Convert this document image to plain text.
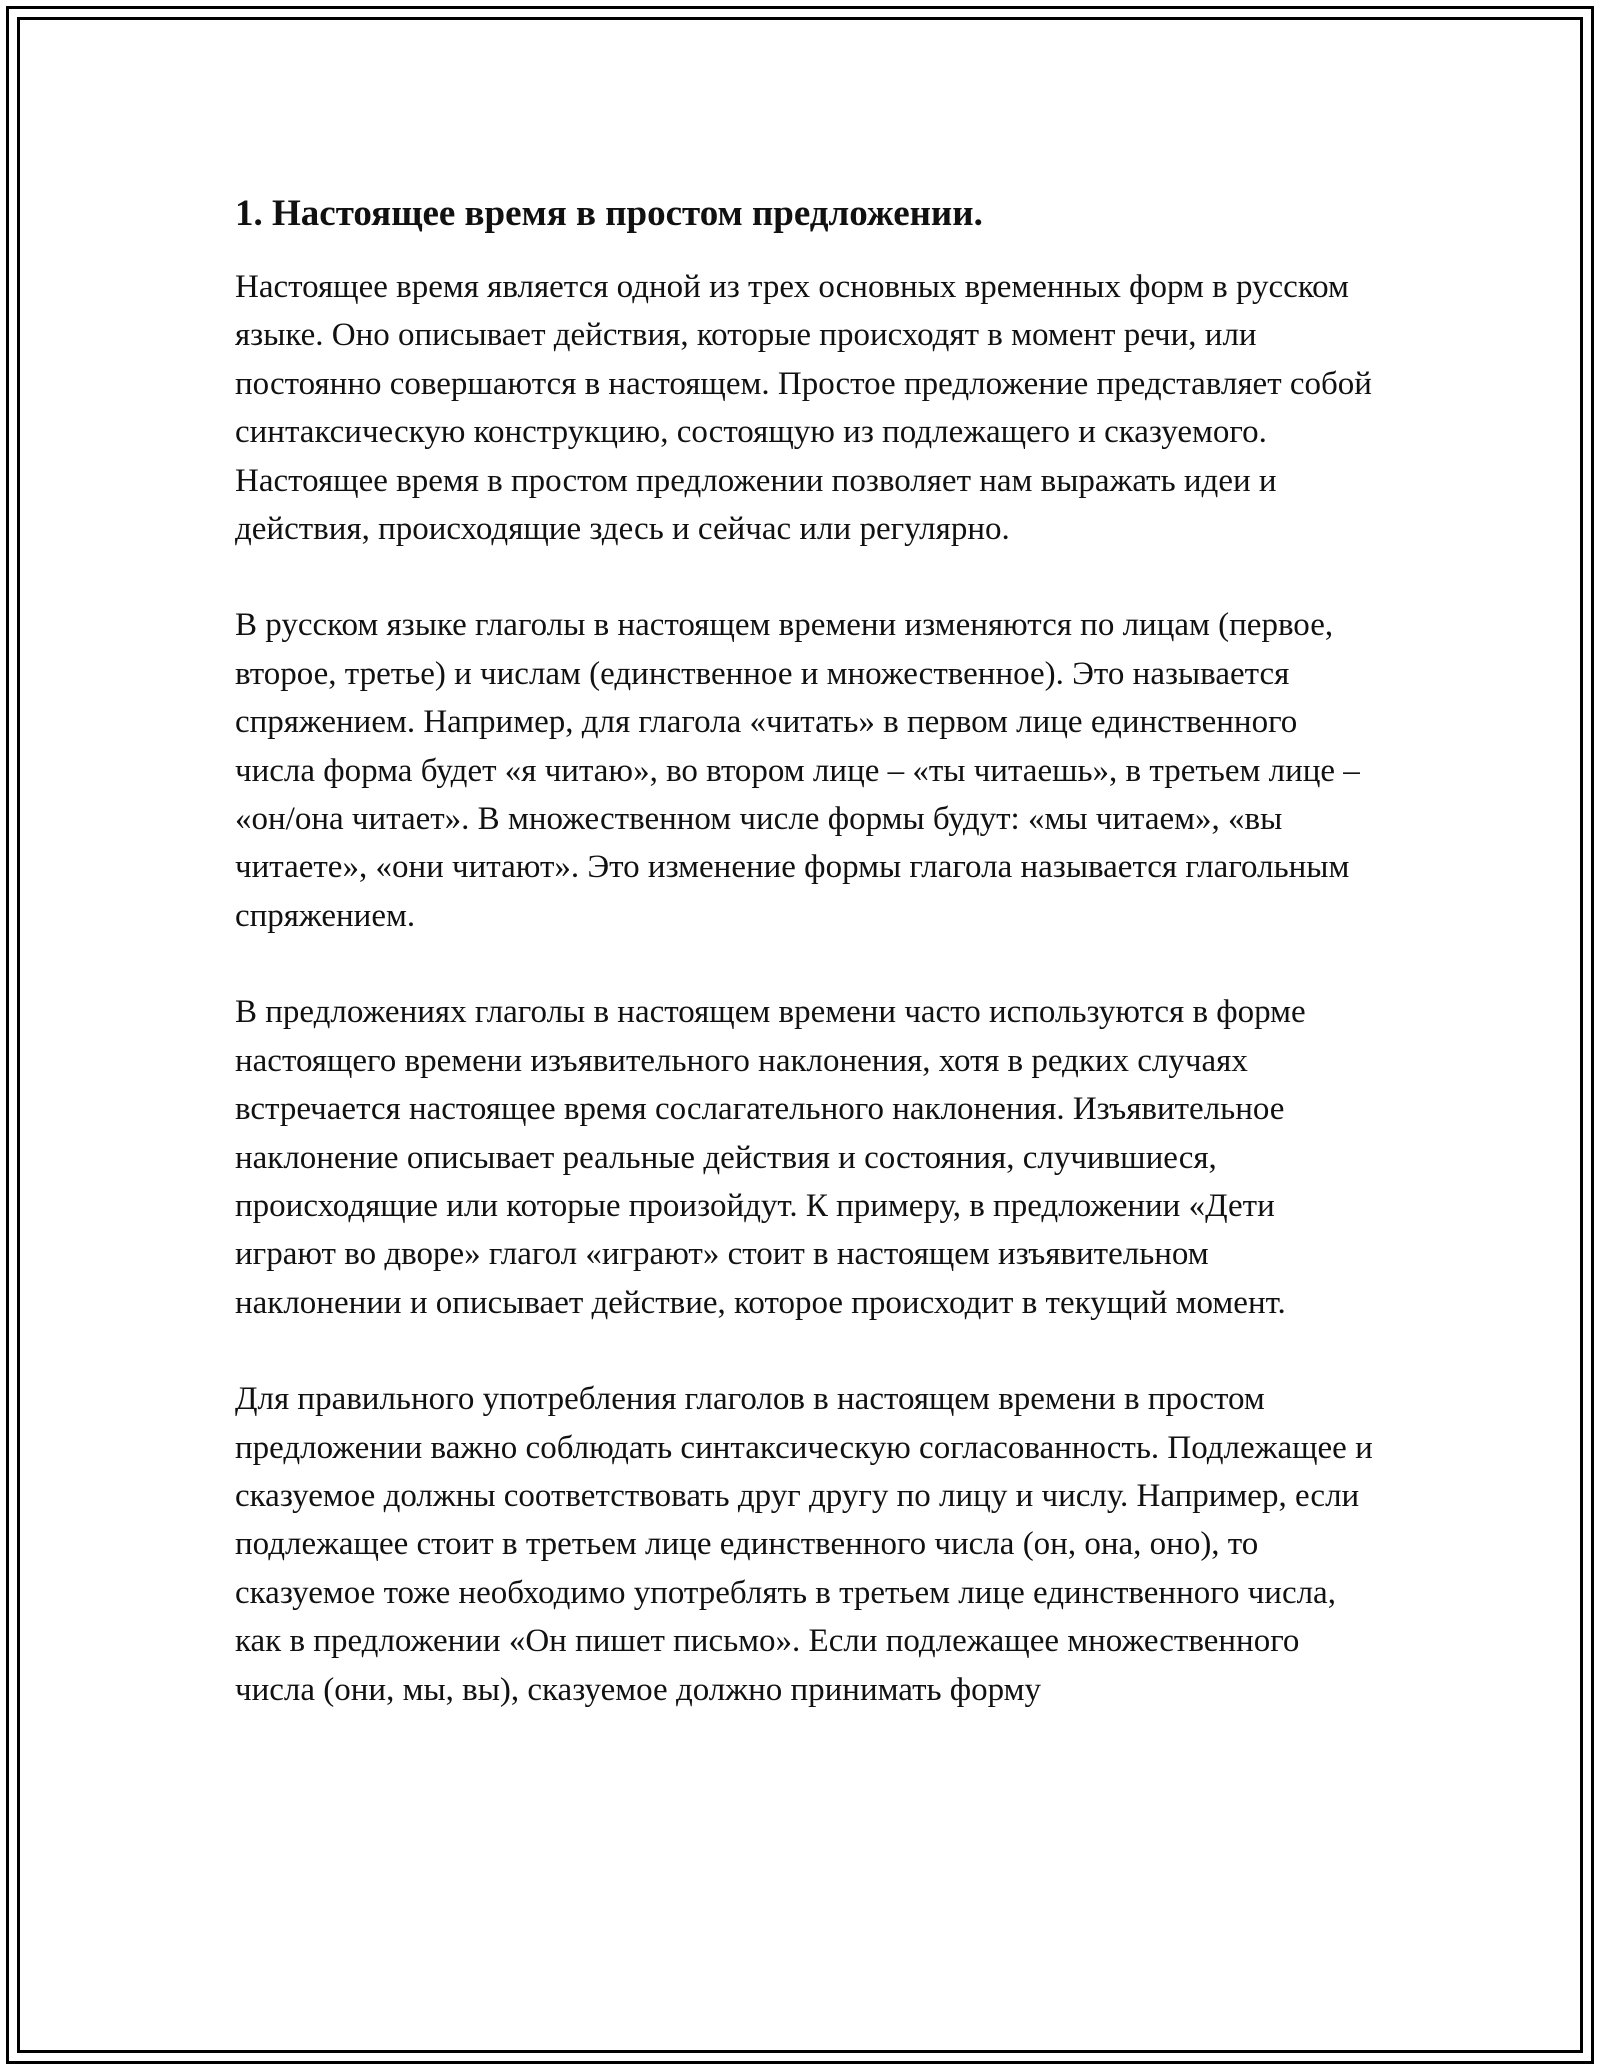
1. Настоящее время в простом предложении.

Настоящее время является одной из трех основных временных форм в русском языке. Оно описывает действия, которые происходят в момент речи, или постоянно совершаются в настоящем. Простое предложение представляет собой синтаксическую конструкцию, состоящую из подлежащего и сказуемого. Настоящее время в простом предложении позволяет нам выражать идеи и действия, происходящие здесь и сейчас или регулярно.

В русском языке глаголы в настоящем времени изменяются по лицам (первое, второе, третье) и числам (единственное и множественное). Это называется спряжением. Например, для глагола «читать» в первом лице единственного числа форма будет «я читаю», во втором лице – «ты читаешь», в третьем лице – «он/она читает». В множественном числе формы будут: «мы читаем», «вы читаете», «они читают». Это изменение формы глагола называется глагольным спряжением.

В предложениях глаголы в настоящем времени часто используются в форме настоящего времени изъявительного наклонения, хотя в редких случаях встречается настоящее время сослагательного наклонения. Изъявительное наклонение описывает реальные действия и состояния, случившиеся, происходящие или которые произойдут. К примеру, в предложении «Дети играют во дворе» глагол «играют» стоит в настоящем изъявительном наклонении и описывает действие, которое происходит в текущий момент.

Для правильного употребления глаголов в настоящем времени в простом предложении важно соблюдать синтаксическую согласованность. Подлежащее и сказуемое должны соответствовать друг другу по лицу и числу. Например, если подлежащее стоит в третьем лице единственного числа (он, она, оно), то сказуемое тоже необходимо употреблять в третьем лице единственного числа, как в предложении «Он пишет письмо». Если подлежащее множественного числа (они, мы, вы), сказуемое должно принимать форму
